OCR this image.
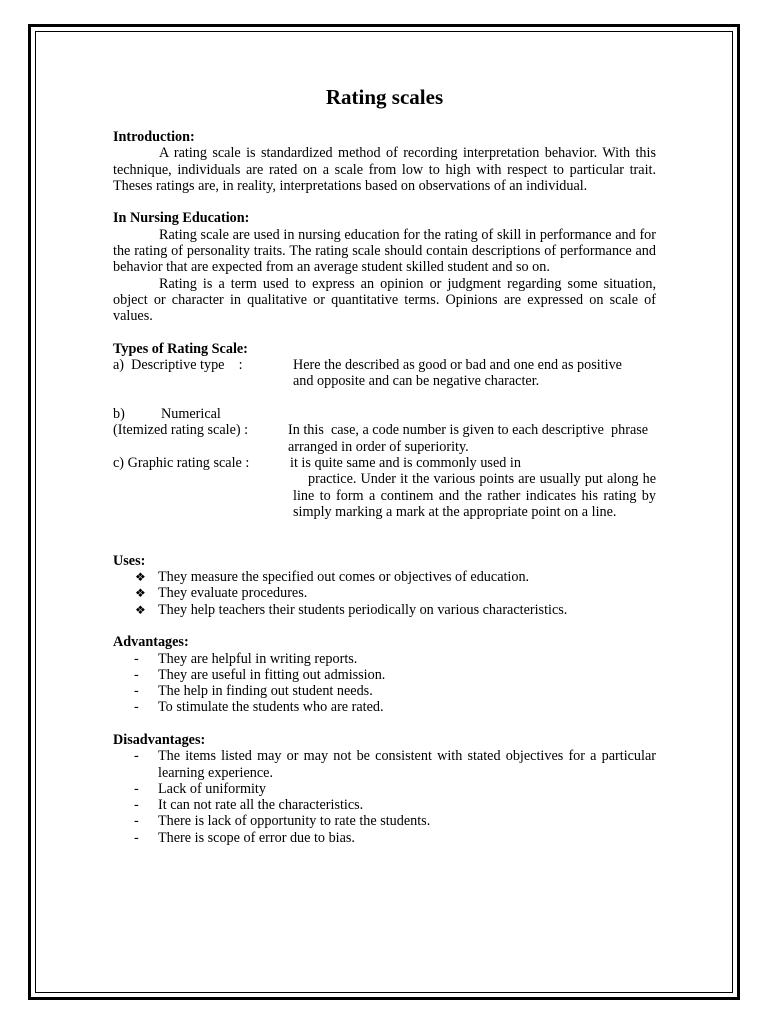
Rating scales

Introduction:

A rating scale is standardized method of recording interpretation behavior. With this technique, individuals are rated on a scale from low to high with respect to particular trait. Theses ratings are, in reality, interpretations based on observations of an individual.

In Nursing Education:

Rating scale are used in nursing education for the rating of skill in performance and for the rating of personality traits. The rating scale should contain descriptions of performance and behavior that are expected from an average student skilled student and so on.

Rating is a term used to express an opinion or judgment regarding some situation, object or character in qualitative or quantitative terms. Opinions are expressed on scale of values.

Types of Rating Scale:

a)  Descriptive type    :	Here the described as good or bad and one end as positive and opposite and can be negative character.
b)	Numerical
(Itemized rating scale) :	In this  case, a code number is given to each descriptive  phrase arranged in order of superiority.
c) Graphic rating scale :	it is quite same and is commonly used in
practice. Under it the various points are usually put along he line to form a continem and the rather indicates his rating by simply marking a mark at the appropriate point on a line.

Uses:

❖ They measure the specified out comes or objectives of education.
❖ They evaluate procedures.
❖ They help teachers their students periodically on various characteristics.

Advantages:

- They are helpful in writing reports.
- They are useful in fitting out admission.
- The help in finding out student needs.
- To stimulate the students who are rated.

Disadvantages:

- The items listed may or may not be consistent with stated objectives for a particular learning experience.
- Lack of uniformity
- It can not rate all the characteristics.
- There is lack of opportunity to rate the students.
- There is scope of error due to bias.
